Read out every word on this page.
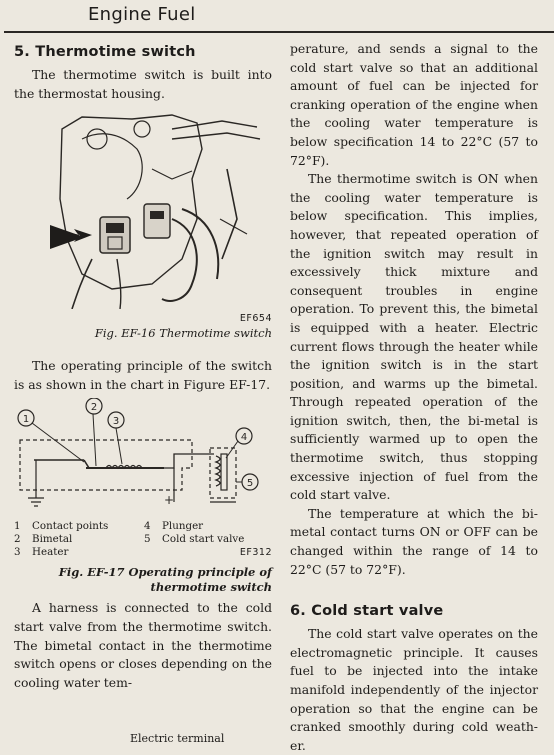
Engine Fuel
5. Thermotime switch

The thermotime switch is built into the thermostat housing.

EF654
Fig. EF-16 Thermotime switch

The operating principle of the switch is as shown in the chart in Figure EF-17.

+
1
2
3
4
5
1 Contact points	4 Plunger
2 Bimetal	5 Cold start valve
3 Heater	EF312
Fig. EF-17 Operating principle of
thermotime switch

A harness is connected to the cold start valve from the thermotime switch. The bimetal contact in the thermotime switch opens or closes depending on the cooling water tem-

perature, and sends a signal to the cold start valve so that an additional amount of fuel can be injected for cranking operation of the engine when the cooling water temperature is below specification 14 to 22°C (57 to 72°F).

The thermotime switch is ON when the cooling water temperature is below specification. This implies, however, that repeated operation of the ignition switch may result in excessively thick mixture and consequent troubles in engine operation. To prevent this, the bimetal is equipped with a heater. Electric current flows through the heater while the ignition switch is in the start position, and warms up the bimetal. Through repeated operation of the ignition switch, then, the bi-metal is sufficiently warmed up to open the thermotime switch, thus stopping excessive injection of fuel from the cold start valve.

The temperature at which the bi-metal contact turns ON or OFF can be changed within the range of 14 to 22°C (57 to 72°F).

6. Cold start valve

The cold start valve operates on the electromagnetic principle. It causes fuel to be injected into the intake manifold independently of the injector operation so that the engine can be cranked smoothly during cold weath-er.

Electric terminal
